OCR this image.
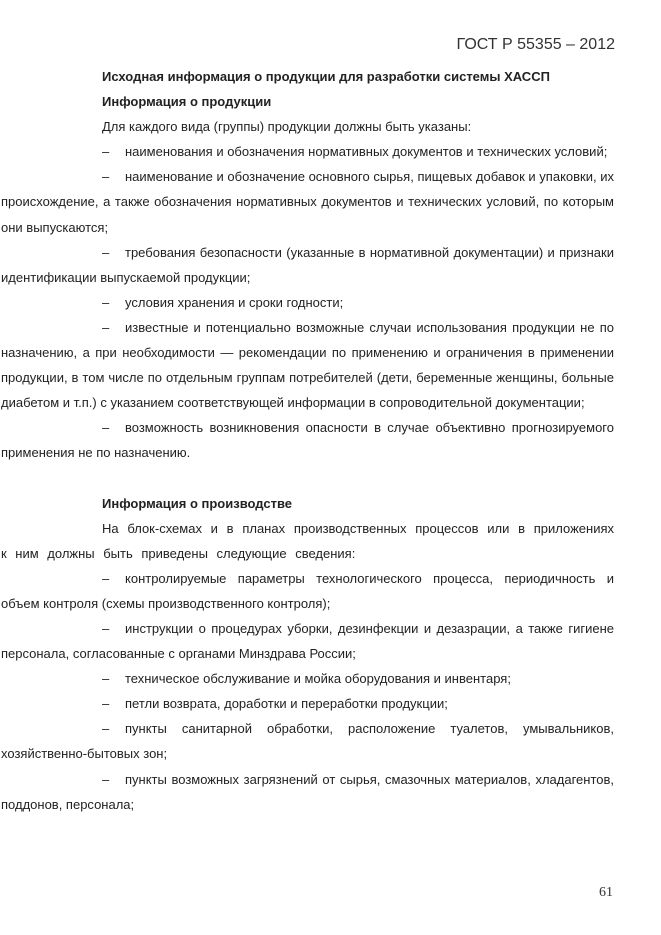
ГОСТ Р 55355 – 2012

Исходная информация о продукции для разработки системы ХАССП

Информация о продукции

Для каждого вида (группы) продукции должны быть указаны:

– наименования и обозначения нормативных документов и технических условий;

– наименование и обозначение основного сырья, пищевых добавок и упаковки, их происхождение, а также обозначения нормативных документов и технических условий, по которым они выпускаются;

– требования безопасности (указанные в нормативной документации) и признаки идентификации выпускаемой продукции;

– условия хранения и сроки годности;

– известные и потенциально возможные случаи использования продукции не по назначению, а при необходимости — рекомендации по применению и ограничения в применении продукции, в том числе по отдельным группам потребителей (дети, беременные женщины, больные диабетом и т.п.) с указанием соответствующей информации в сопроводительной документации;

– возможность возникновения опасности в случае объективно прогнозируемого применения не по назначению.

Информация о производстве

На блок-схемах и в планах производственных процессов или в приложениях к ним должны быть приведены следующие сведения:

– контролируемые параметры технологического процесса, периодичность и объем контроля (схемы производственного контроля);

– инструкции о процедурах уборки, дезинфекции и дезазрации, а также гигиене персонала, согласованные с органами Минздрава России;

– техническое обслуживание и мойка оборудования и инвентаря;

– петли возврата, доработки и переработки продукции;

– пункты санитарной обработки, расположение туалетов, умывальников, хозяйственно-бытовых зон;

– пункты возможных загрязнений от сырья, смазочных материалов, хладагентов, поддонов, персонала;

61
